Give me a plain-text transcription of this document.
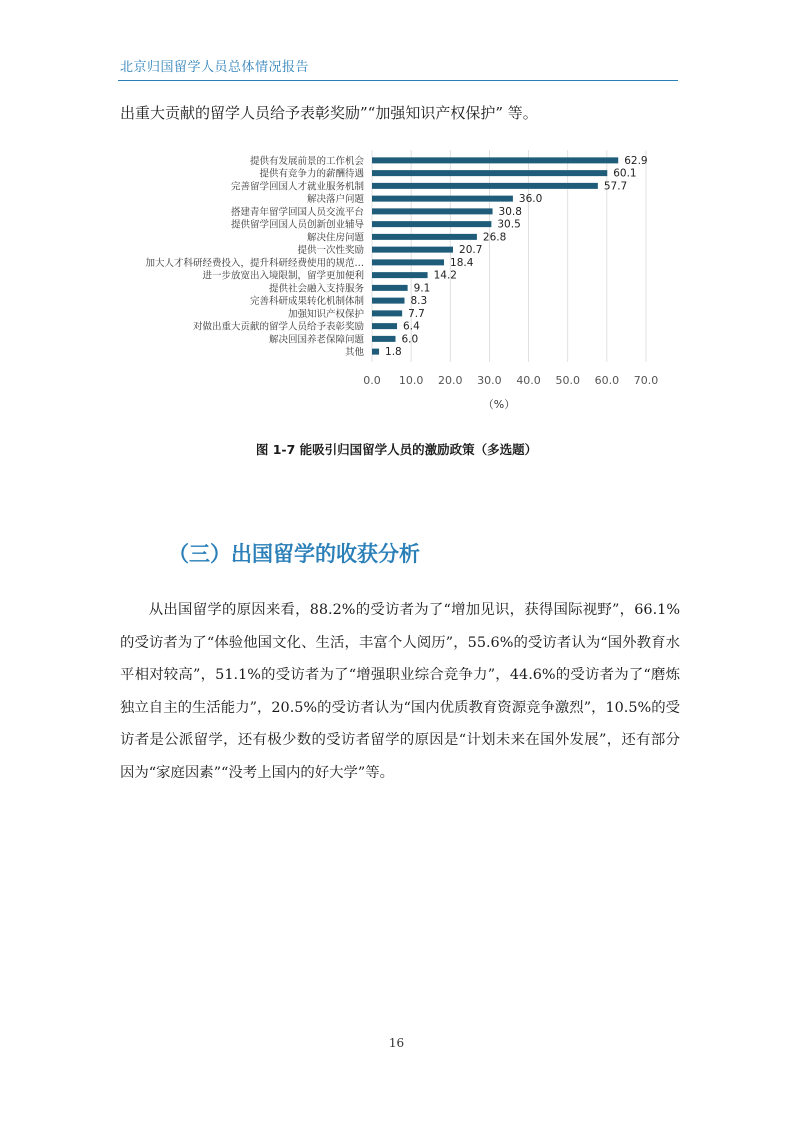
北京归国留学人员总体情况报告
出重大贡献的留学人员给予表彰奖励”“加强知识产权保护” 等。
提供有发展前景的工作机会
提供有竞争力的薪酬待遇
完善留学回国人才就业服务机制
解决落户问题
搭建青年留学回国人员交流平台
提供留学回国人员创新创业辅导
解决住房问题
提供一次性奖励
加大人才科研经费投入，提升科研经费使用的规范…
进一步放宽出入境限制，留学更加便利
提供社会融入支持服务
完善科研成果转化机制体制
加强知识产权保护
对做出重大贡献的留学人员给予表彰奖励
解决回国养老保障问题
其他
62.9
60.1
57.7
36.0
30.8
30.5
26.8
20.7
18.4
14.2
9.1
8.3
7.7
6.4
6.0
1.8
0.0 10.0 20.0 30.0 40.0 50.0 60.0 70.0
（%）
图 1-7 能吸引归国留学人员的激励政策（多选题）
（三）出国留学的收获分析

从出国留学的原因来看，88.2%的受访者为了“增加见识，获得国际视野”，66.1%的受访者为了“体验他国文化、生活，丰富个人阅历”，55.6%的受访者认为“国外教育水平相对较高”，51.1%的受访者为了“增强职业综合竞争力”，44.6%的受访者为了“磨炼独立自主的生活能力”，20.5%的受访者认为“国内优质教育资源竞争激烈”，10.5%的受访者是公派留学，还有极少数的受访者留学的原因是“计划未来在国外发展”，还有部分因为“家庭因素”“没考上国内的好大学”等。

16
